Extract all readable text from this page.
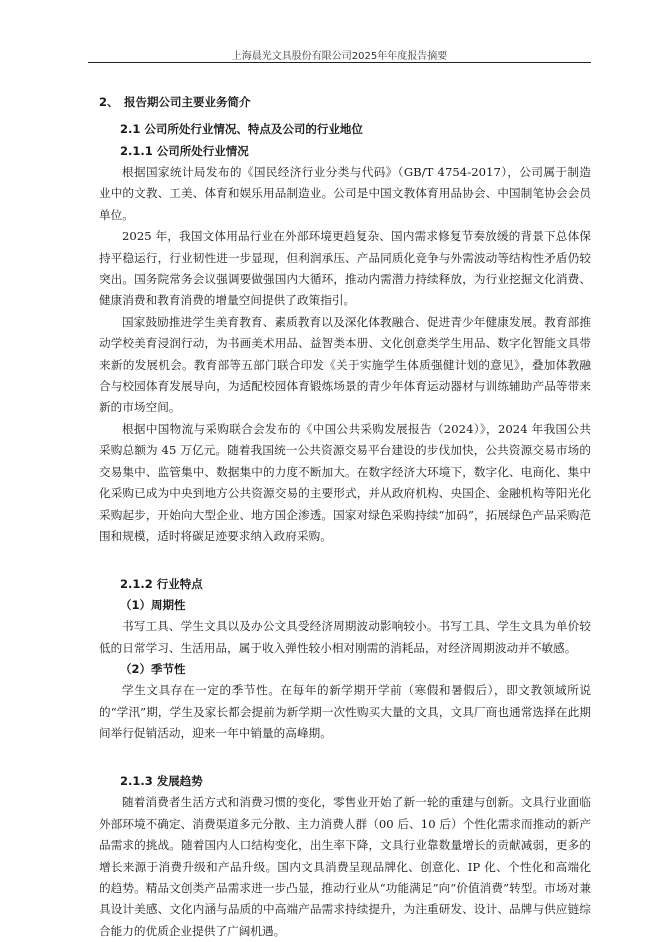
上海晨光文具股份有限公司2025年年度报告摘要
2、 报告期公司主要业务简介
2.1 公司所处行业情况、特点及公司的行业地位
2.1.1 公司所处行业情况

根据国家统计局发布的《国民经济行业分类与代码》（GB/T 4754-2017），公司属于制造业中的文教、工美、体育和娱乐用品制造业。公司是中国文教体育用品协会、中国制笔协会会员单位。

2025 年，我国文体用品行业在外部环境更趋复杂、国内需求修复节奏放缓的背景下总体保持平稳运行，行业韧性进一步显现，但利润承压、产品同质化竞争与外需波动等结构性矛盾仍较突出。国务院常务会议强调要做强国内大循环，推动内需潜力持续释放，为行业挖掘文化消费、健康消费和教育消费的增量空间提供了政策指引。

国家鼓励推进学生美育教育、素质教育以及深化体教融合、促进青少年健康发展。教育部推动学校美育浸润行动，为书画美术用品、益智类本册、文化创意类学生用品、数字化智能文具带来新的发展机会。教育部等五部门联合印发《关于实施学生体质强健计划的意见》，叠加体教融合与校园体育发展导向，为适配校园体育锻炼场景的青少年体育运动器材与训练辅助产品等带来新的市场空间。

根据中国物流与采购联合会发布的《中国公共采购发展报告（2024）》，2024 年我国公共采购总额为 45 万亿元。随着我国统一公共资源交易平台建设的步伐加快，公共资源交易市场的交易集中、监管集中、数据集中的力度不断加大。在数字经济大环境下，数字化、电商化、集中化采购已成为中央到地方公共资源交易的主要形式，并从政府机构、央国企、金融机构等阳光化采购起步，开始向大型企业、地方国企渗透。国家对绿色采购持续“加码”，拓展绿色产品采购范围和规模，适时将碳足迹要求纳入政府采购。

2.1.2 行业特点
（1）周期性

书写工具、学生文具以及办公文具受经济周期波动影响较小。书写工具、学生文具为单价较低的日常学习、生活用品，属于收入弹性较小相对刚需的消耗品，对经济周期波动并不敏感。

（2）季节性

学生文具存在一定的季节性。在每年的新学期开学前（寒假和暑假后），即文教领域所说的“学汛”期，学生及家长都会提前为新学期一次性购买大量的文具，文具厂商也通常选择在此期间举行促销活动，迎来一年中销量的高峰期。

2.1.3 发展趋势

随着消费者生活方式和消费习惯的变化，零售业开始了新一轮的重建与创新。文具行业面临外部环境不确定、消费渠道多元分散、主力消费人群（00 后、10 后）个性化需求而推动的新产品需求的挑战。随着国内人口结构变化，出生率下降，文具行业靠数量增长的贡献减弱，更多的增长来源于消费升级和产品升级。国内文具消费呈现品牌化、创意化、IP 化、个性化和高端化的趋势。精品文创类产品需求进一步凸显，推动行业从“功能满足”向“价值消费”转型。市场对兼具设计美感、文化内涵与品质的中高端产品需求持续提升，为注重研发、设计、品牌与供应链综合能力的优质企业提供了广阔机遇。
